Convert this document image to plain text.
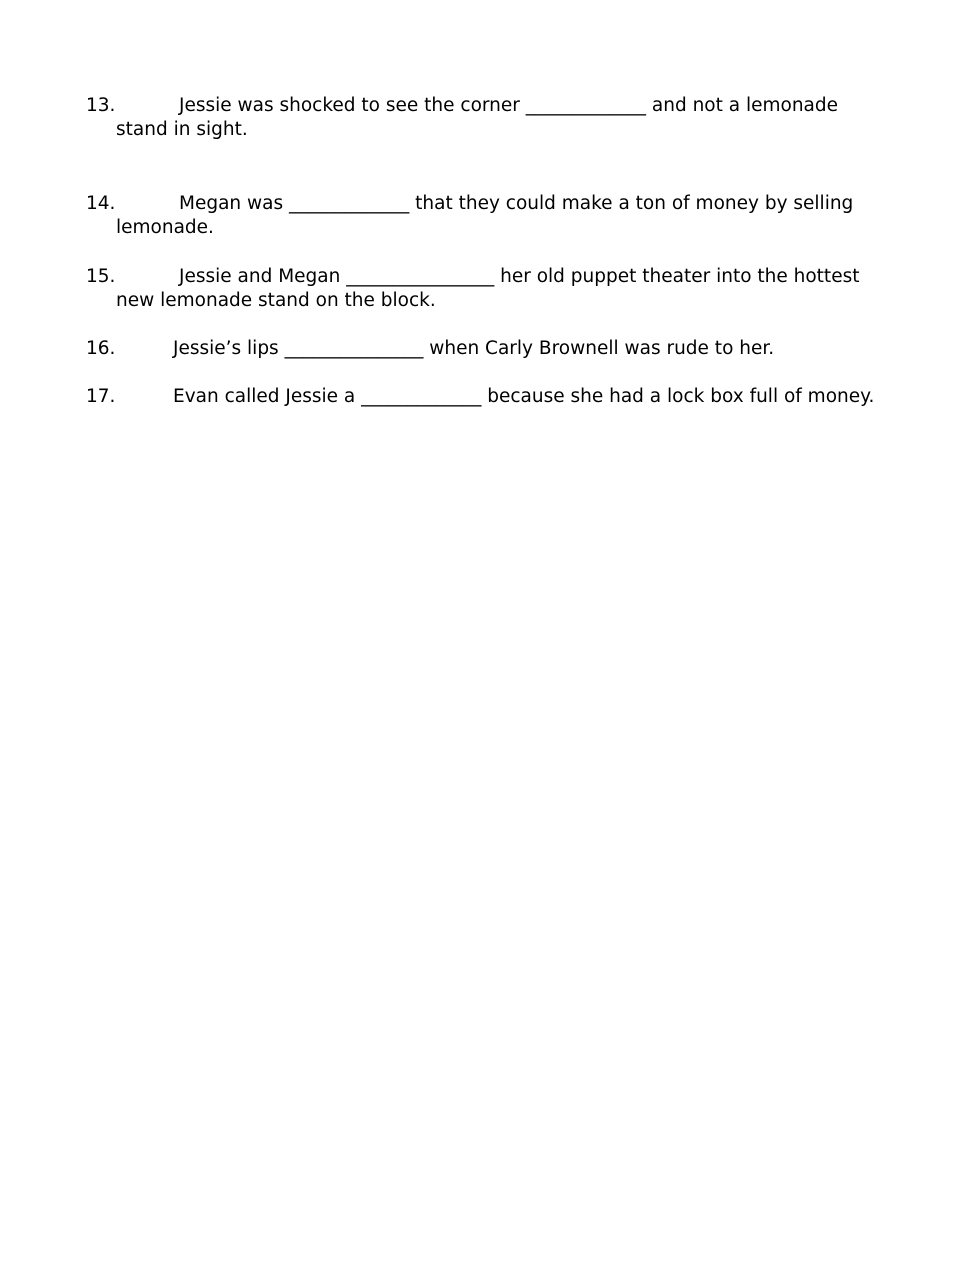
13.	Jessie was shocked to see the corner _____________ and not a lemonade
stand in sight.

14.	Megan was _____________ that they could make a ton of money by selling
lemonade.

15.	Jessie and Megan ________________ her old puppet theater into the hottest
new lemonade stand on the block.

16.	Jessie’s lips _______________ when Carly Brownell was rude to her.

17.	Evan called Jessie a _____________ because she had a lock box full of money.
